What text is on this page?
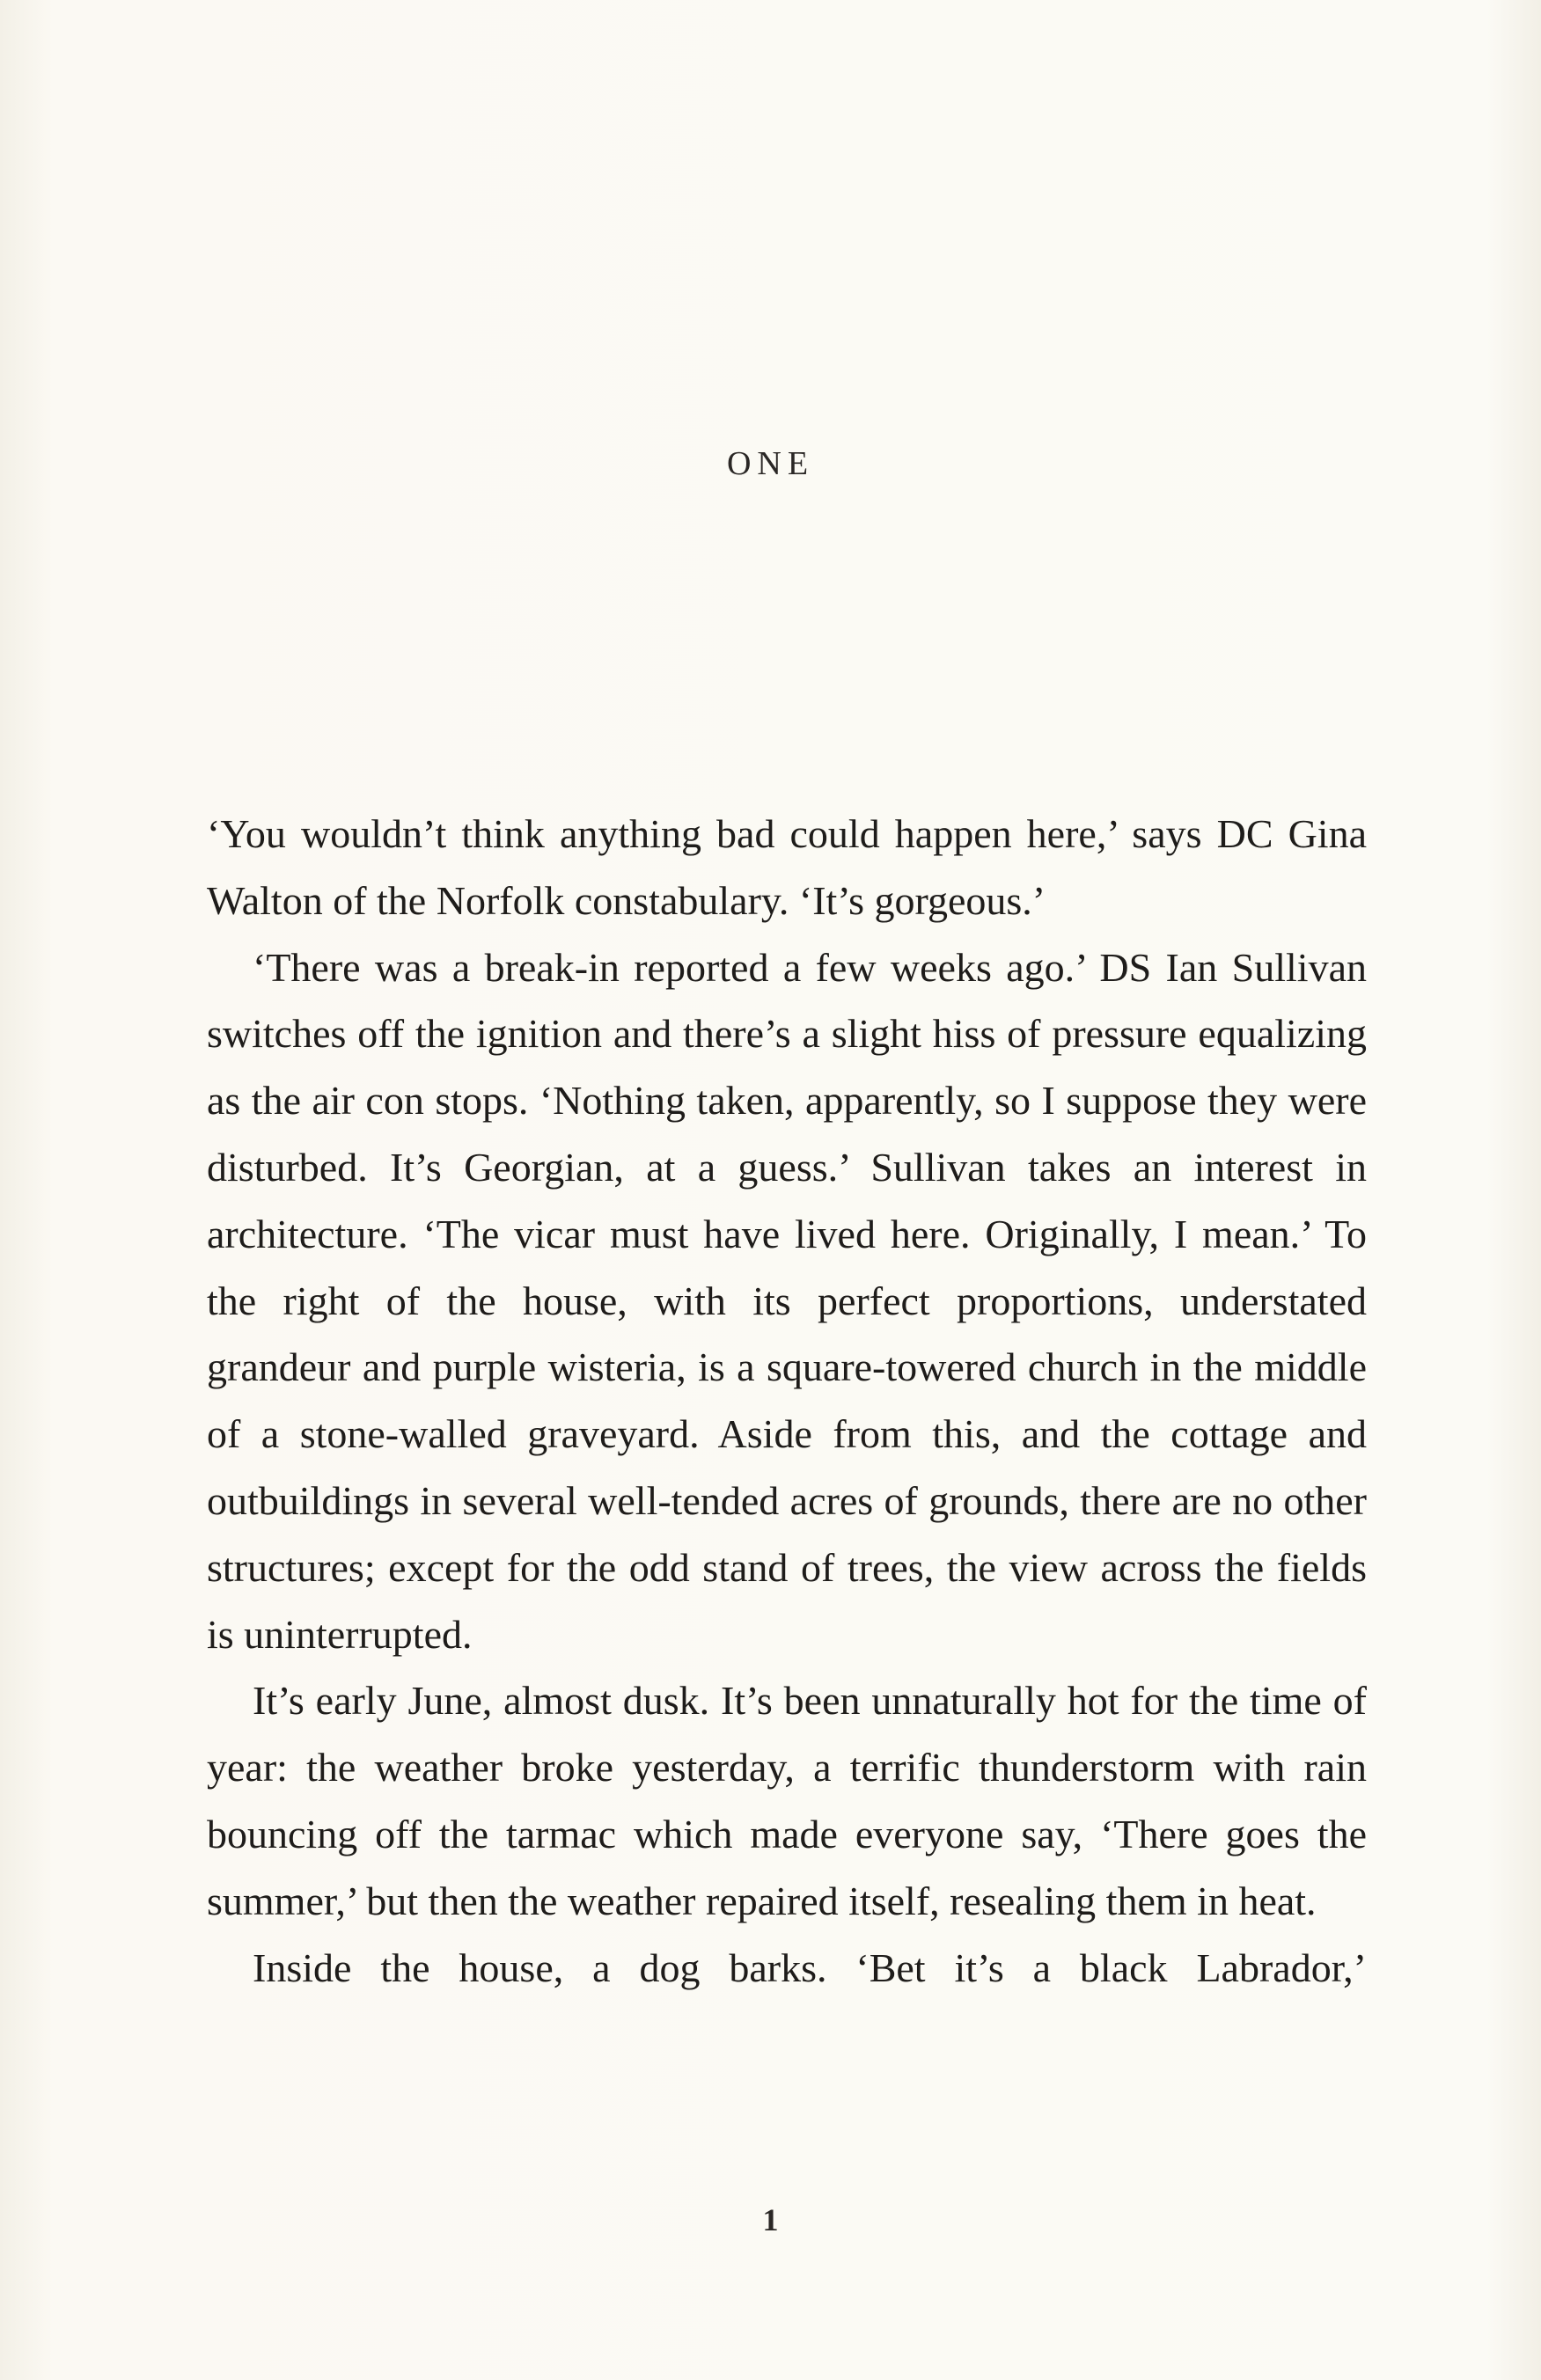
ONE

‘You wouldn’t think anything bad could happen here,’ says DC Gina Walton of the Norfolk constabulary. ‘It’s gorgeous.’

‘There was a break-in reported a few weeks ago.’ DS Ian Sullivan switches off the ignition and there’s a slight hiss of pressure equalizing as the air con stops. ‘Nothing taken, apparently, so I suppose they were disturbed. It’s Georgian, at a guess.’ Sullivan takes an interest in architecture. ‘The vicar must have lived here. Originally, I mean.’ To the right of the house, with its perfect proportions, understated grandeur and purple wisteria, is a square-towered church in the middle of a stone-walled graveyard. Aside from this, and the cottage and outbuildings in several well-tended acres of grounds, there are no other structures; except for the odd stand of trees, the view across the fields is uninterrupted.

It’s early June, almost dusk. It’s been unnaturally hot for the time of year: the weather broke yesterday, a terrific thunderstorm with rain bouncing off the tarmac which made everyone say, ‘There goes the summer,’ but then the weather repaired itself, resealing them in heat.

Inside the house, a dog barks. ‘Bet it’s a black Labrador,’

1
